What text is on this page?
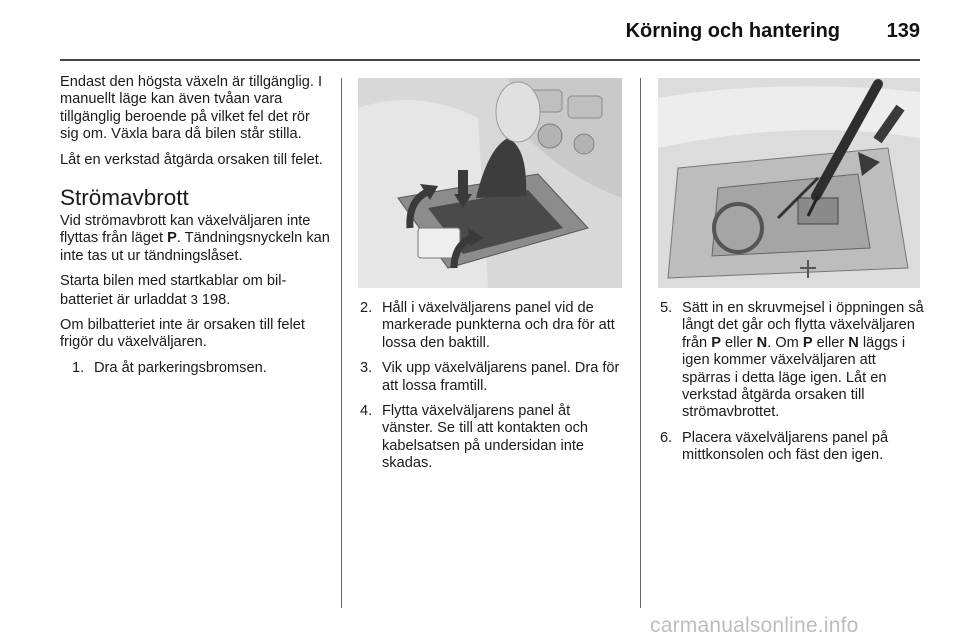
Körning och hantering	139

Endast den högsta växeln är tillgänglig. I manuellt läge kan även tvåan vara tillgänglig beroende på vilket fel det rör sig om. Växla bara då bilen står stilla.

Låt en verkstad åtgärda orsaken till felet.

Strömavbrott

Vid strömavbrott kan växelväljaren inte flyttas från läget P. Tändningsnyckeln kan inte tas ut ur tändningslåset.

Starta bilen med startkablar om bilbatteriet är urladdat 3 198.

Om bilbatteriet inte är orsaken till felet frigör du växelväljaren.

1. Dra åt parkeringsbromsen.
2. Håll i växelväljarens panel vid de markerade punkterna och dra för att lossa den baktill.
3. Vik upp växelväljarens panel. Dra för att lossa framtill.
4. Flytta växelväljarens panel åt vänster. Se till att kontakten och kabelsatsen på undersidan inte skadas.
5. Sätt in en skruvmejsel i öppningen så långt det går och flytta växelväljaren från P eller N. Om P eller N läggs i igen kommer växelväljaren att spärras i detta läge igen. Låt en verkstad åtgärda orsaken till strömavbrottet.
6. Placera växelväljarens panel på mittkonsolen och fäst den igen.
carmanualsonline.info
